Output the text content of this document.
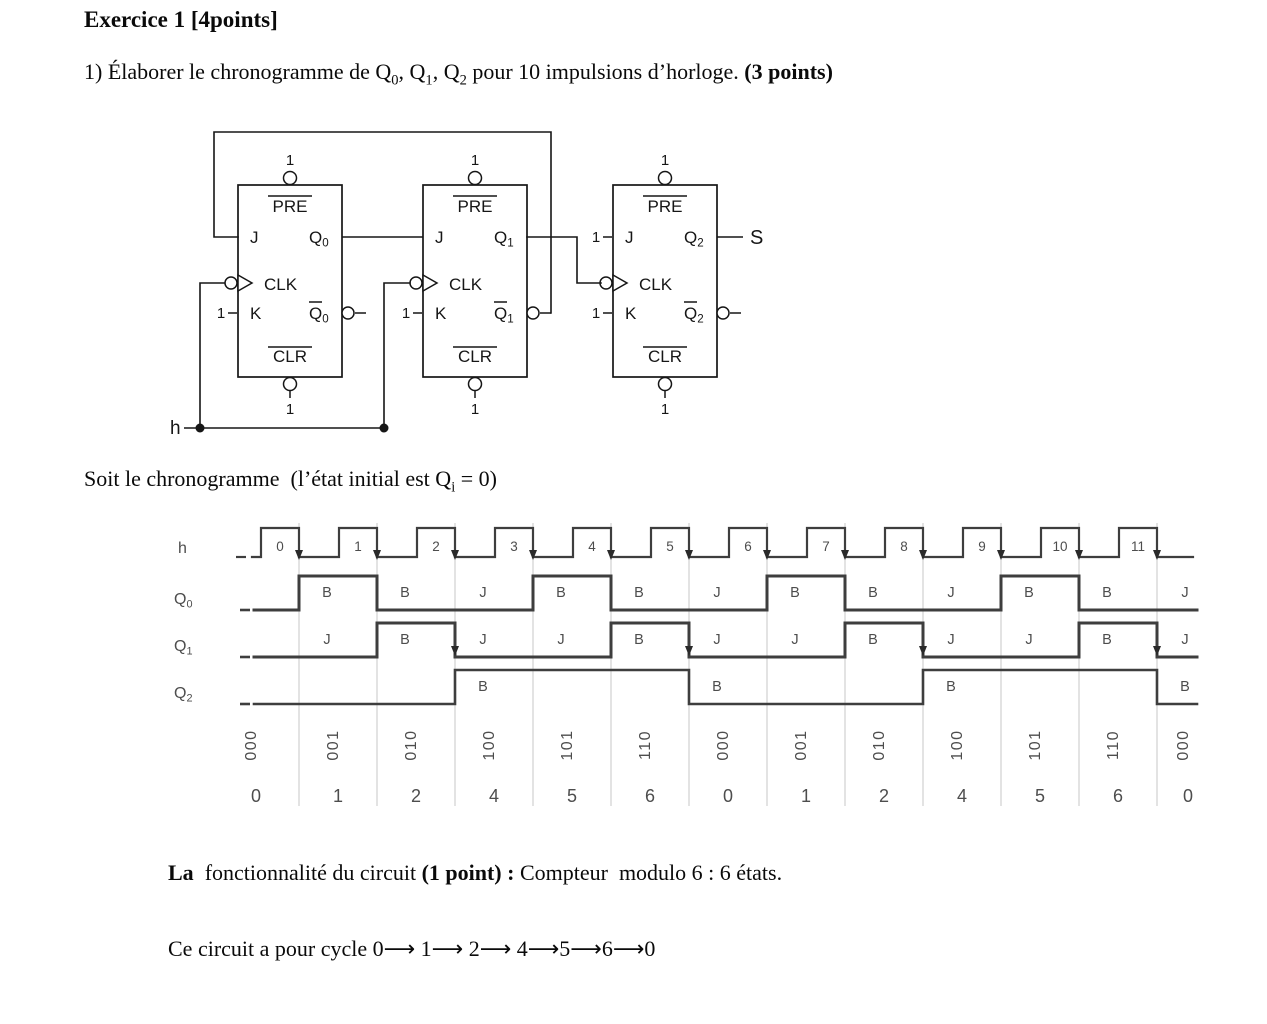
Exercice 1 [4points]
1) Élaborer le chronogramme de $Q_0$, $Q_1$, $Q_2$ pour 10 impulsions d’horloge. (3 points)
1
PRE
J	$Q_0$
CLK
1 K	$Q_0$
CLR
1
1
PRE
J	$Q_1$
CLK
1 K	$Q_1$
CLR
1
1
PRE
J	$Q_2$
1
CLK
1 K	$Q_2$
CLR
1
S
h
Soit le chronogramme  (l’état initial est $Q_i = 0$)
h	0	1	2	3	4	5	6	7	8	9	10	11
$Q_0$
B	B	J	B	B	J	B	B	J	B	B	J
$Q_1$
J	B	J	J	B	J	J	B	J	J	B	J
$Q_2$
B	B	B	B
000	001	010	100	101	110	000	001	010	100	101	110	000
0	1	2	4	5	6	0	1	2	4	5	6	0
La  fonctionnalité du circuit (1 point) : Compteur  modulo 6 : 6 états.
Ce circuit a pour cycle 0⟶ 1⟶ 2⟶ 4⟶5⟶6⟶0
